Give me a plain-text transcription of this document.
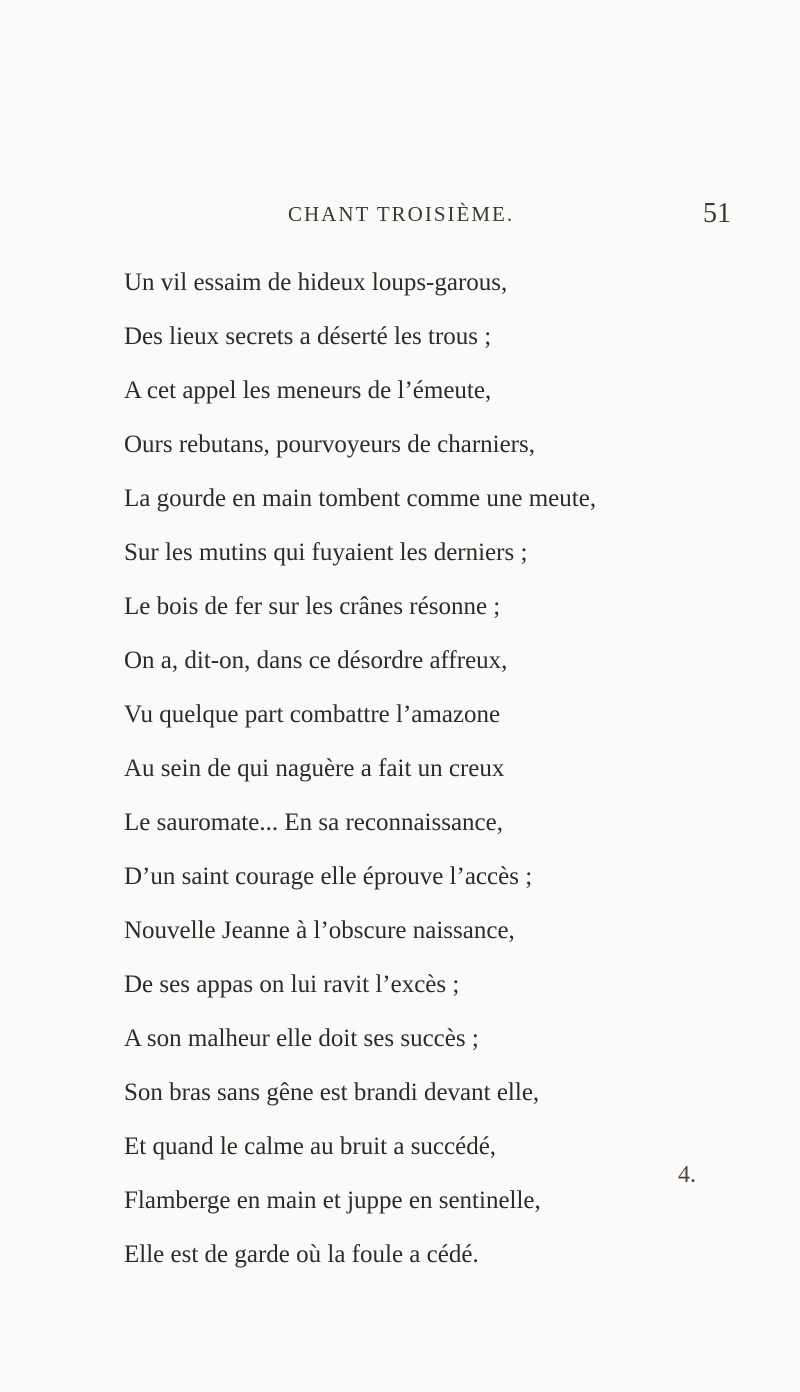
CHANT TROISIÈME.	51
Un vil essaim de hideux loups-garous,
Des lieux secrets a déserté les trous ;
A cet appel les meneurs de l’émeute,
Ours rebutans, pourvoyeurs de charniers,
La gourde en main tombent comme une meute,
Sur les mutins qui fuyaient les derniers ;
Le bois de fer sur les crânes résonne ;
On a, dit-on, dans ce désordre affreux,
Vu quelque part combattre l’amazone
Au sein de qui naguère a fait un creux
Le sauromate... En sa reconnaissance,
D’un saint courage elle éprouve l’accès ;
Nouvelle Jeanne à l’obscure naissance,
De ses appas on lui ravit l’excès ;
A son malheur elle doit ses succès ;
Son bras sans gêne est brandi devant elle,
Et quand le calme au bruit a succédé,
Flamberge en main et juppe en sentinelle,
Elle est de garde où la foule a cédé.
4.
